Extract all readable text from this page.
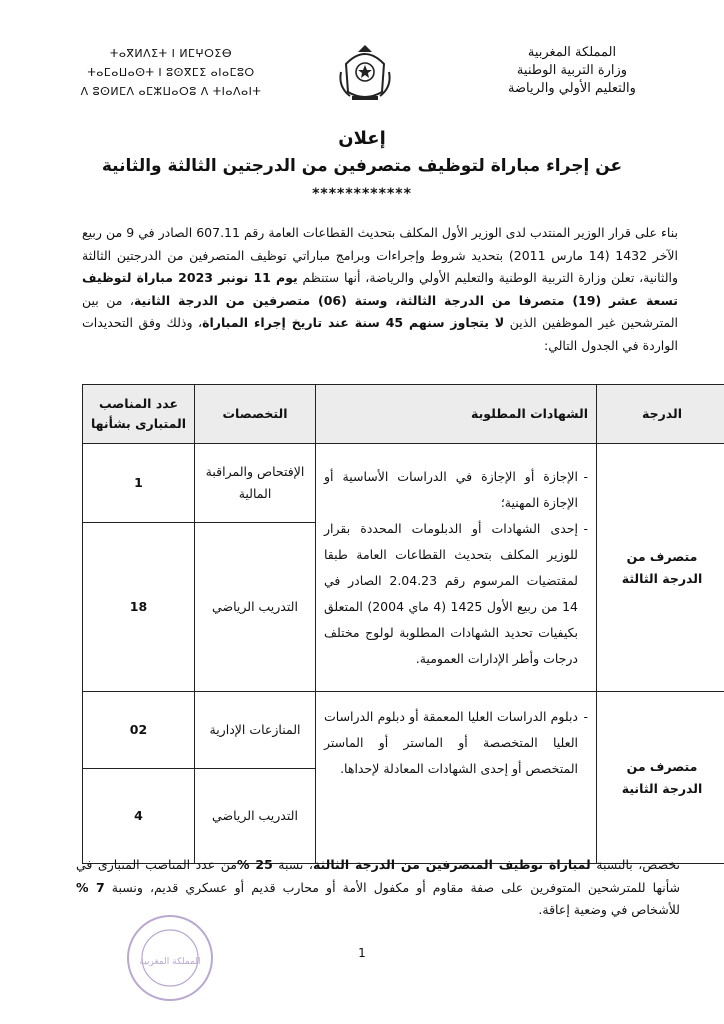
المملكة المغربية
وزارة التربية الوطنية
والتعليم الأولي والرياضة
ⵜⴰⴳⵍⴷⵉⵜ ⵏ ⵍⵎⵖⵔⵉⴱ
ⵜⴰⵎⴰⵡⴰⵙⵜ ⵏ ⵓⵙⴳⵎⵉ ⴰⵏⴰⵎⵓⵔ
ⴷ ⵓⵙⵍⵎⴷ ⴰⵎⵣⵡⴰⵔⵓ ⴷ ⵜⵏⴰⴷⴰⵏⵜ
إعلان
عن إجراء مباراة لتوظيف متصرفين من الدرجتين الثالثة والثانية
************
بناء على قرار الوزير المنتدب لدى الوزير الأول المكلف بتحديث القطاعات العامة رقم 607.11 الصادر في 9 من ربيع الآخر 1432 (14 مارس 2011) بتحديد شروط وإجراءات وبرامج مباراتي توظيف المتصرفين من الدرجتين الثالثة والثانية، تعلن وزارة التربية الوطنية والتعليم الأولي والرياضة، أنها ستنظم يوم 11 نونبر 2023 مباراة لتوظيف تسعة عشر (19) متصرفا من الدرجة الثالثة، وستة (06) متصرفين من الدرجة الثانية، من بين المترشحين غير الموظفين الذين لا يتجاوز سنهم 45 سنة عند تاريخ إجراء المباراة، وذلك وفق التحديدات الواردة في الجدول التالي:
الدرجة	الشهادات المطلوبة	التخصصات	عدد المناصب المتبارى بشأنها
متصرف من الدرجة الثالثة	- الإجازة أو الإجازة في الدراسات الأساسية أو الإجازة المهنية؛
- إحدى الشهادات أو الدبلومات المحددة بقرار للوزير المكلف بتحديث القطاعات العامة طبقا لمقتضيات المرسوم رقم 2.04.23 الصادر في 14 من ربيع الأول 1425 (4 ماي 2004) المتعلق بكيفيات تحديد الشهادات المطلوبة لولوج مختلف درجات وأطر الإدارات العمومية.	الإفتحاص والمراقبة المالية	1
		التدريب الرياضي	18
متصرف من الدرجة الثانية	- دبلوم الدراسات العليا المعمقة أو دبلوم الدراسات العليا المتخصصة أو الماستر أو الماستر المتخصص أو إحدى الشهادات المعادلة لإحداها.	المنازعات الإدارية	02
		التدريب الرياضي	4
تخصص، بالنسبة لمباراة توظيف المتصرفين من الدرجة الثالثة، نسبة 25 %من عدد المناصب المتبارى في شأنها للمترشحين المتوفرين على صفة مقاوم أو مكفول الأمة أو محارب قديم أو عسكري قديم، ونسبة 7 % للأشخاص في وضعية إعاقة.
المملكة المغربية
1
